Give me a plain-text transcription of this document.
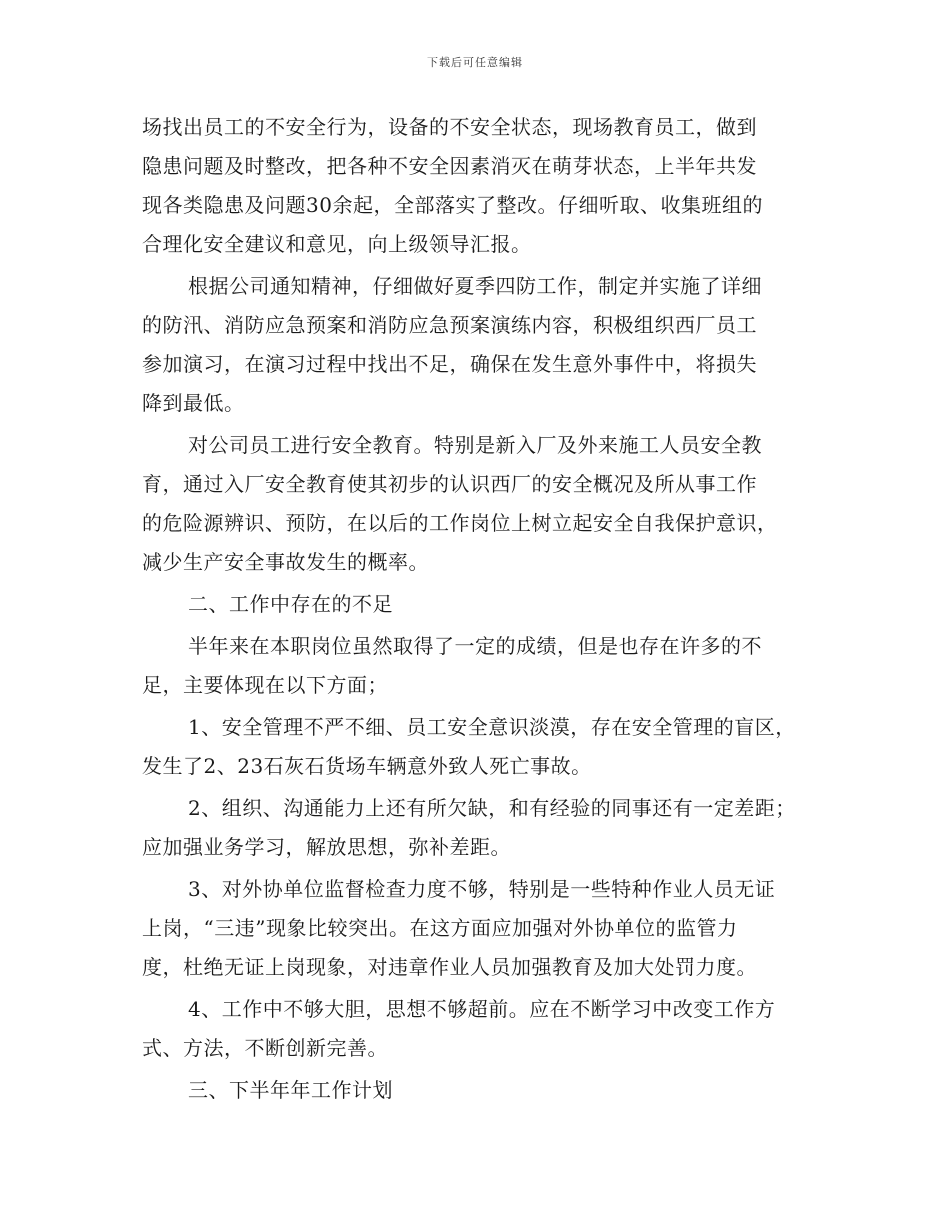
下载后可任意编辑
场找出员工的不安全行为，设备的不安全状态，现场教育员工，做到
隐患问题及时整改，把各种不安全因素消灭在萌芽状态，上半年共发
现各类隐患及问题30余起，全部落实了整改。仔细听取、收集班组的
合理化安全建议和意见，向上级领导汇报。
根据公司通知精神，仔细做好夏季四防工作，制定并实施了详细
的防汛、消防应急预案和消防应急预案演练内容，积极组织西厂员工
参加演习，在演习过程中找出不足，确保在发生意外事件中，将损失
降到最低。
对公司员工进行安全教育。特别是新入厂及外来施工人员安全教
育，通过入厂安全教育使其初步的认识西厂的安全概况及所从事工作
的危险源辨识、预防，在以后的工作岗位上树立起安全自我保护意识，
减少生产安全事故发生的概率。
二、工作中存在的不足
半年来在本职岗位虽然取得了一定的成绩，但是也存在许多的不
足，主要体现在以下方面；
1、安全管理不严不细、员工安全意识淡漠，存在安全管理的盲区，
发生了2、23石灰石货场车辆意外致人死亡事故。
2、组织、沟通能力上还有所欠缺，和有经验的同事还有一定差距；
应加强业务学习，解放思想，弥补差距。
3、对外协单位监督检查力度不够，特别是一些特种作业人员无证
上岗，“三违”现象比较突出。在这方面应加强对外协单位的监管力
度，杜绝无证上岗现象，对违章作业人员加强教育及加大处罚力度。
4、工作中不够大胆，思想不够超前。应在不断学习中改变工作方
式、方法，不断创新完善。
三、下半年年工作计划
